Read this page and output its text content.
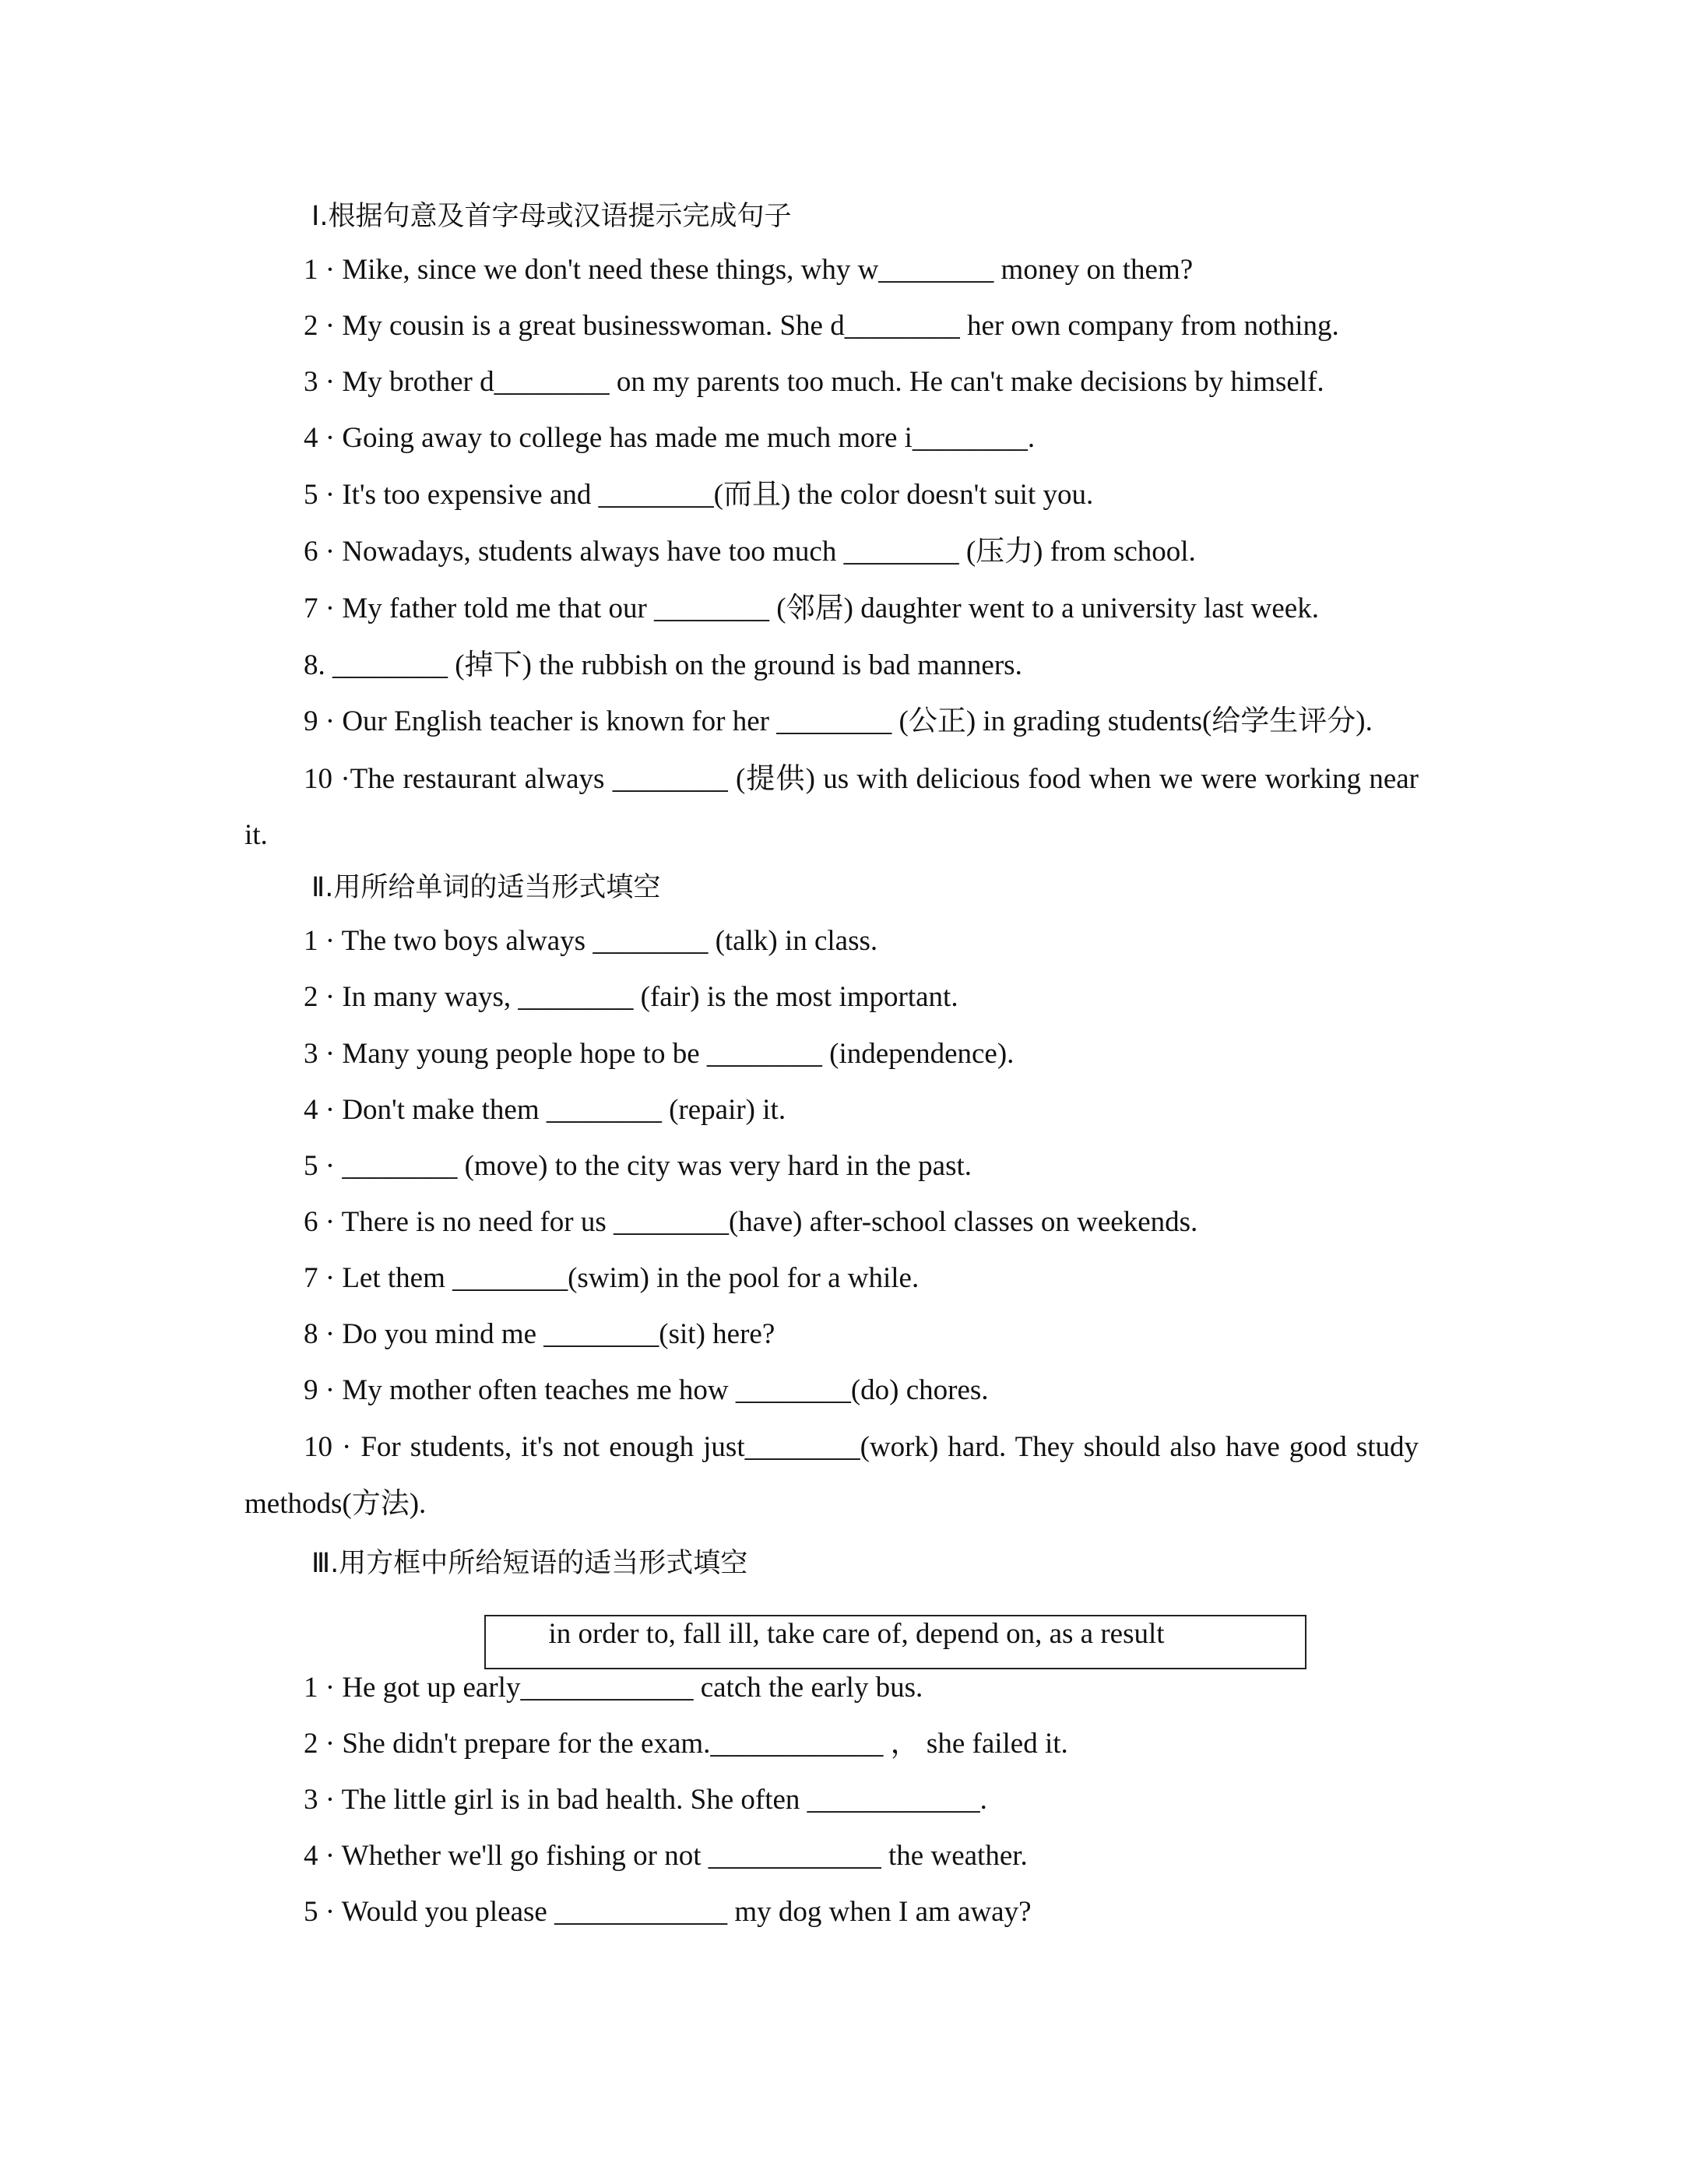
Ⅰ.根据句意及首字母或汉语提示完成句子
1 · Mike, since we don't need these things, why w________ money on them?
2 · My cousin is a great businesswoman. She d________ her own company from nothing.
3 · My brother d________ on my parents too much. He can't make decisions by himself.
4 · Going away to college has made me much more i________.
5 · It's too expensive and ________(而且) the color doesn't suit you.
6 · Nowadays, students always have too much ________ (压力) from school.
7 · My father told me that our ________ (邻居) daughter went to a university last week.
8. ________ (掉下) the rubbish on the ground is bad manners.
9 · Our English teacher is known for her ________ (公正) in grading students(给学生评分).
10 ·The restaurant always ________ (提供) us with delicious food when we were working near
it.
Ⅱ.用所给单词的适当形式填空
1 · The two boys always ________ (talk) in class.
2 · In many ways, ________ (fair) is the most important.
3 · Many young people hope to be ________ (independence).
4 · Don't make them ________ (repair) it.
5 · ________ (move) to the city was very hard in the past.
6 · There is no need for us ________(have) after-school classes on weekends.
7 · Let them ________(swim) in the pool for a while.
8 · Do you mind me ________(sit) here?
9 · My mother often teaches me how ________(do) chores.
10 · For students, it's not enough just________(work) hard. They should also have good study
methods(方法).
Ⅲ.用方框中所给短语的适当形式填空
in order to, fall ill, take care of, depend on, as a result
1 · He got up early____________ catch the early bus.
2 · She didn't prepare for the exam.____________ ， she failed it.
3 · The little girl is in bad health. She often ____________.
4 · Whether we'll go fishing or not ____________ the weather.
5 · Would you please ____________ my dog when I am away?
